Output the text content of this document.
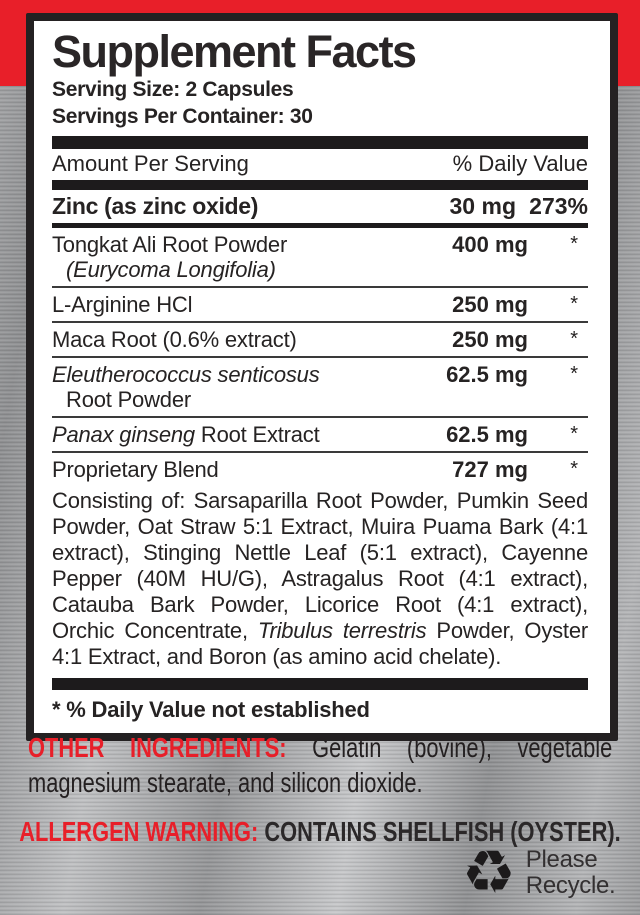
Supplement Facts
Serving Size: 2 Capsules
Servings Per Container: 30
Amount Per Serving	% Daily Value
Zinc (as zinc oxide)	30 mg 273%
Tongkat Ali Root Powder
(Eurycoma Longifolia)
400 mg	*
L-Arginine HCl	250 mg	*
Maca Root (0.6% extract)	250 mg	*
Eleutherococcus senticosus
Root Powder
62.5 mg	*
Panax ginseng Root Extract	62.5 mg	*
Proprietary Blend	727 mg	*
Consisting of: Sarsaparilla Root Powder, Pumkin Seed Powder, Oat Straw 5:1 Extract, Muira Puama Bark (4:1 extract), Stinging Nettle Leaf (5:1 extract), Cayenne Pepper (40M HU/G), Astragalus Root (4:1 extract), Catauba Bark Powder, Licorice Root (4:1 extract), Orchic Concentrate, Tribulus terrestris Powder, Oyster 4:1 Extract, and Boron (as amino acid chelate).
* % Daily Value not established
OTHER INGREDIENTS: Gelatin (bovine), vegetable magnesium stearate, and silicon dioxide.
ALLERGEN WARNING: CONTAINS SHELLFISH (OYSTER).
♻ Please
Recycle.
